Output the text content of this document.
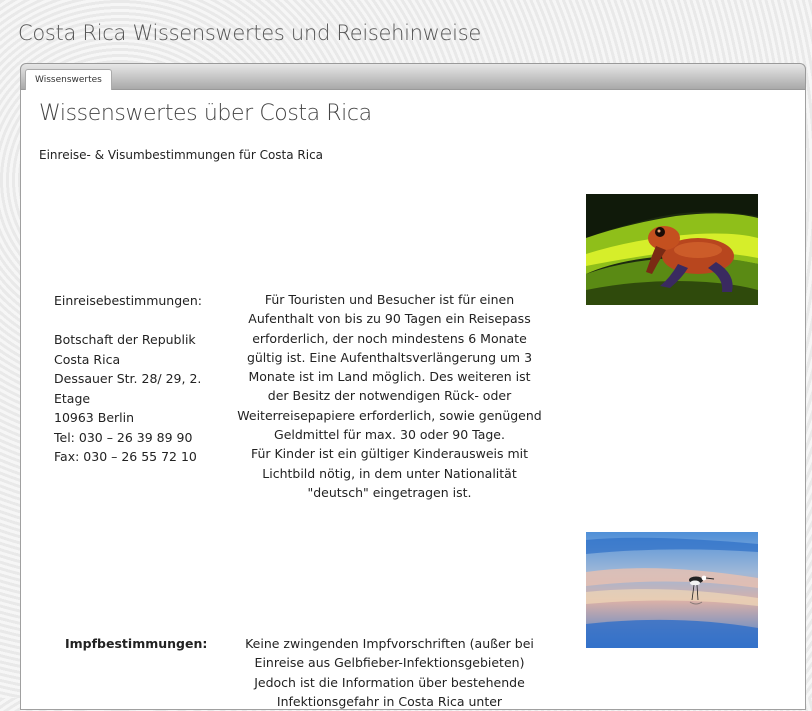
Costa Rica Wissenswertes und Reisehinweise
Wissenswertes
Wissenswertes über Costa Rica
Einreise- & Visumbestimmungen für Costa Rica

Einreisebestimmungen:

Botschaft der Republik

Costa Rica

Dessauer Str. 28/ 29, 2.

Etage

10963 Berlin

Tel: 030 – 26 39 89 90

Fax: 030 – 26 55 72 10

Für Touristen und Besucher ist für einen Aufenthalt von bis zu 90 Tagen ein Reisepass erforderlich, der noch mindestens 6 Monate gültig ist. Eine Aufenthaltsverlängerung um 3 Monate ist im Land möglich. Des weiteren ist der Besitz der notwendigen Rück- oder Weiterreisepapiere erforderlich, sowie genügend Geldmittel für max. 30 oder 90 Tage.

Für Kinder ist ein gültiger Kinderausweis mit Lichtbild nötig, in dem unter Nationalität "deutsch" eingetragen ist.

Impfbestimmungen:	Keine zwingenden Impfvorschriften (außer bei Einreise aus Gelbfieber-Infektionsgebieten)

Jedoch ist die Information über bestehende Infektionsgefahr in Costa Rica unter
